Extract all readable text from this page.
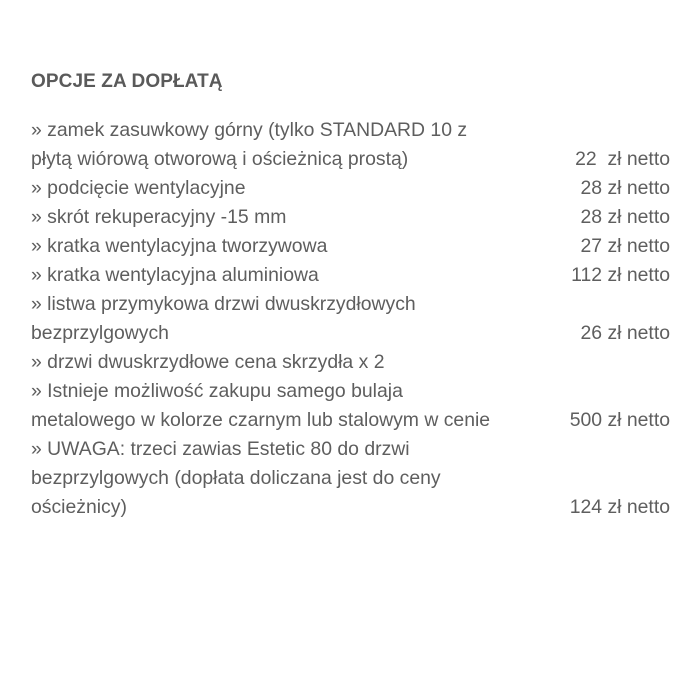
OPCJE ZA DOPŁATĄ
» zamek zasuwkowy górny (tylko STANDARD 10 z płytą wiórową otworową i ościeżnicą prostą)	22  zł netto
» podcięcie wentylacyjne	28 zł netto
» skrót rekuperacyjny -15 mm	28 zł netto
» kratka wentylacyjna tworzywowa	27 zł netto
» kratka wentylacyjna aluminiowa	112 zł netto
» listwa przymykowa drzwi dwuskrzydłowych bezprzylgowych	26 zł netto
» drzwi dwuskrzydłowe cena skrzydła x 2	
» Istnieje możliwość zakupu samego bulaja metalowego w kolorze czarnym lub stalowym w cenie	500 zł netto
» UWAGA: trzeci zawias Estetic 80 do drzwi bezprzylgowych (dopłata doliczana jest do ceny ościeżnicy)	124 zł netto
